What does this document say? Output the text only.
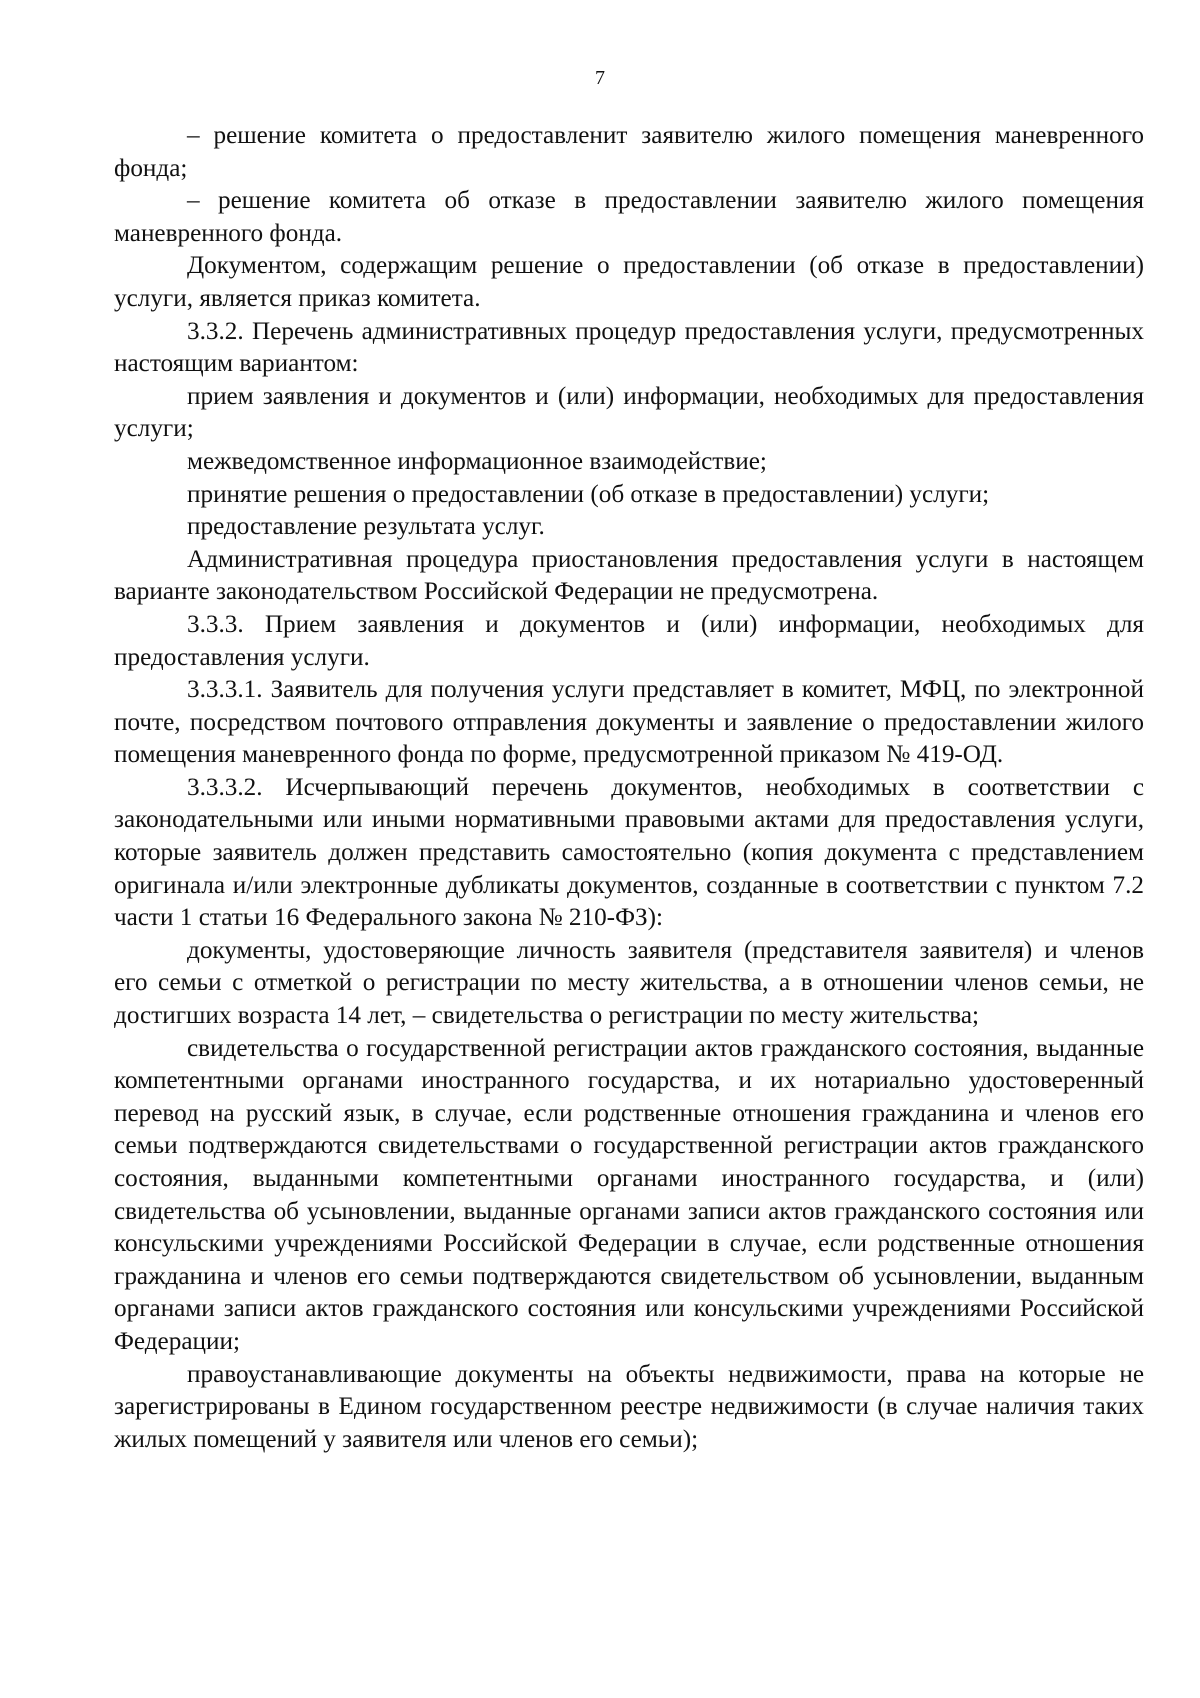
7

– решение комитета о предоставленит заявителю жилого помещения маневренного фонда;

– решение комитета об отказе в предоставлении заявителю жилого помещения маневренного фонда.

Документом, содержащим решение о предоставлении (об отказе в предоставлении) услуги, является приказ комитета.

3.3.2. Перечень административных процедур предоставления услуги, предусмотренных настоящим вариантом:

прием заявления и документов и (или) информации, необходимых для предоставления услуги;

межведомственное информационное взаимодействие;

принятие решения о предоставлении (об отказе в предоставлении) услуги;

предоставление результата услуг.

Административная процедура приостановления предоставления услуги в настоящем варианте законодательством Российской Федерации не предусмотрена.

3.3.3. Прием заявления и документов и (или) информации, необходимых для предоставления услуги.

3.3.3.1. Заявитель для получения услуги представляет в комитет, МФЦ, по электронной почте, посредством почтового отправления документы и заявление о предоставлении жилого помещения маневренного фонда по форме, предусмотренной приказом № 419-ОД.

3.3.3.2. Исчерпывающий перечень документов, необходимых в соответствии с законодательными или иными нормативными правовыми актами для предоставления услуги, которые заявитель должен представить самостоятельно (копия документа с представлением оригинала и/или электронные дубликаты документов, созданные в соответствии с пунктом 7.2 части 1 статьи 16 Федерального закона № 210-ФЗ):

документы, удостоверяющие личность заявителя (представителя заявителя) и членов его семьи с отметкой о регистрации по месту жительства, а в отношении членов семьи, не достигших возраста 14 лет, – свидетельства о регистрации по месту жительства;

свидетельства о государственной регистрации актов гражданского состояния, выданные компетентными органами иностранного государства, и их нотариально удостоверенный перевод на русский язык, в случае, если родственные отношения гражданина и членов его семьи подтверждаются свидетельствами о государственной регистрации актов гражданского состояния, выданными компетентными органами иностранного государства, и (или) свидетельства об усыновлении, выданные органами записи актов гражданского состояния или консульскими учреждениями Российской Федерации в случае, если родственные отношения гражданина и членов его семьи подтверждаются свидетельством об усыновлении, выданным органами записи актов гражданского состояния или консульскими учреждениями Российской Федерации;

правоустанавливающие документы на объекты недвижимости, права на которые не зарегистрированы в Едином государственном реестре недвижимости (в случае наличия таких жилых помещений у заявителя или членов его семьи);
